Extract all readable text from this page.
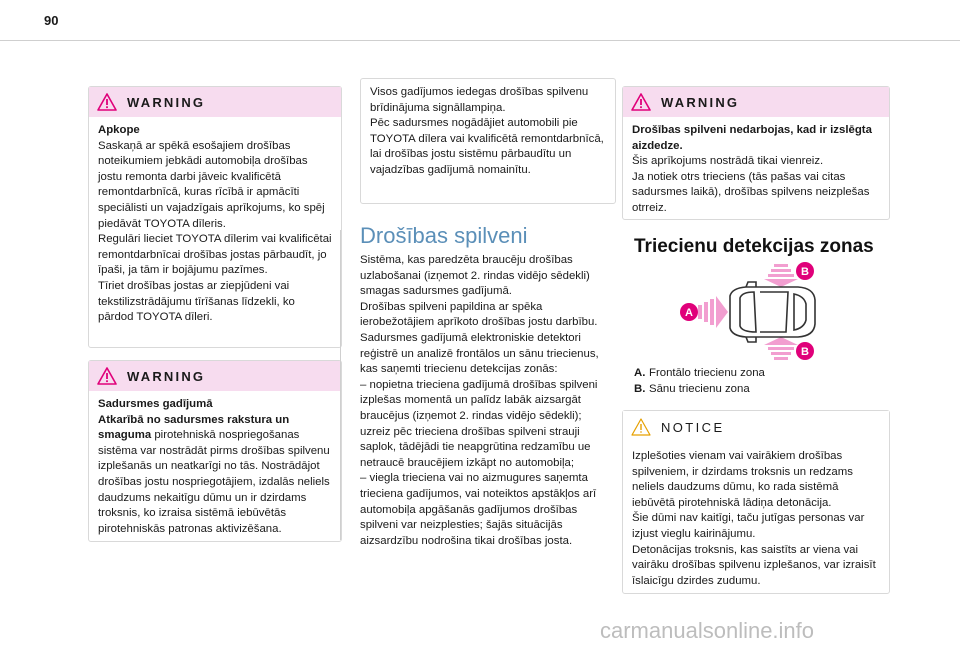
90
WARNING

Apkope

Saskaņā ar spēkā esošajiem drošības noteikumiem jebkādi automobiļa drošības jostu remonta darbi jāveic kvalificētā remontdarbnīcā, kuras rīcībā ir apmācīti speciālisti un vajadzīgais aprīkojums, ko spēj piedāvāt TOYOTA dīleris.

Regulāri lieciet TOYOTA dīlerim vai kvalificētai remontdarbnīcai drošības jostas pārbaudīt, jo īpaši, ja tām ir bojājumu pazīmes.

Tīriet drošības jostas ar ziepjūdeni vai tekstilizstrādājumu tīrīšanas līdzekli, ko pārdod TOYOTA dīleri.

WARNING

Sadursmes gadījumā

Atkarībā no sadursmes rakstura un smaguma pirotehniskā nospriegošanas sistēma var nostrādāt pirms drošības spilvenu izplešanās un neatkarīgi no tās. Nostrādājot drošības jostu nospriegotājiem, izdalās neliels daudzums nekaitīgu dūmu un ir dzirdams troksnis, ko izraisa sistēmā iebūvētās pirotehniskās patronas aktivizēšana.

Visos gadījumos iedegas drošības spilvenu brīdinājuma signāllampiņa.

Pēc sadursmes nogādājiet automobili pie TOYOTA dīlera vai kvalificētā remontdarbnīcā, lai drošības jostu sistēmu pārbaudītu un vajadzības gadījumā nomainītu.

Drošības spilveni

Sistēma, kas paredzēta braucēju drošības uzlabošanai (izņemot 2. rindas vidējo sēdekli) smagas sadursmes gadījumā.

Drošības spilveni papildina ar spēka ierobežotājiem aprīkoto drošības jostu darbību.

Sadursmes gadījumā elektroniskie detektori reģistrē un analizē frontālos un sānu triecienus, kas saņemti triecienu detekcijas zonās:

– nopietna trieciena gadījumā drošības spilveni izplešas momentā un palīdz labāk aizsargāt braucējus (izņemot 2. rindas vidējo sēdekli); uzreiz pēc trieciena drošības spilveni strauji saplok, tādējādi tie neapgrūtina redzamību ue netraucē braucējiem izkāpt no automobiļa;

– viegla trieciena vai no aizmugures saņemta trieciena gadījumos, vai noteiktos apstākļos arī automobiļa apgāšanās gadījumos drošības spilveni var neizplesties; šajās situācijās aizsardzību nodrošina tikai drošības josta.

WARNING

Drošības spilveni nedarbojas, kad ir izslēgta aizdedze.

Šis aprīkojums nostrādā tikai vienreiz.

Ja notiek otrs trieciens (tās pašas vai citas sadursmes laikā), drošības spilvens neizplešas otrreiz.

Triecienu detekcijas zonas
A
B
B
A. Frontālo triecienu zona
B. Sānu triecienu zona
NOTICE

Izplešoties vienam vai vairākiem drošības spilveniem, ir dzirdams troksnis un redzams neliels daudzums dūmu, ko rada sistēmā iebūvētā pirotehniskā lādiņa detonācija.

Šie dūmi nav kaitīgi, taču jutīgas personas var izjust vieglu kairinājumu.

Detonācijas troksnis, kas saistīts ar viena vai vairāku drošības spilvenu izplešanos, var izraisīt īslaicīgu dzirdes zudumu.

carmanualsonline.info
